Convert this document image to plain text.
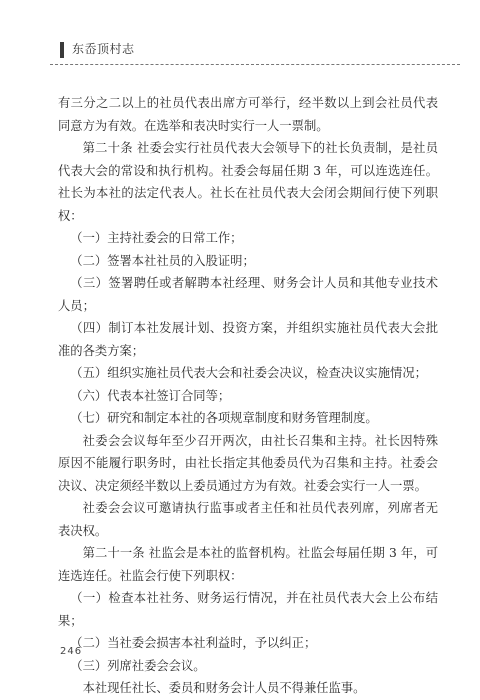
东岙顶村志

有三分之二以上的社员代表出席方可举行，经半数以上到会社员代表同意方为有效。在选举和表决时实行一人一票制。

第二十条 社委会实行社员代表大会领导下的社长负责制，是社员代表大会的常设和执行机构。社委会每届任期 3 年，可以连选连任。社长为本社的法定代表人。社长在社员代表大会闭会期间行使下列职权：

（一）主持社委会的日常工作；

（二）签署本社社员的入股证明；

（三）签署聘任或者解聘本社经理、财务会计人员和其他专业技术人员；

（四）制订本社发展计划、投资方案，并组织实施社员代表大会批准的各类方案；

（五）组织实施社员代表大会和社委会决议，检查决议实施情况；

（六）代表本社签订合同等；

（七）研究和制定本社的各项规章制度和财务管理制度。

社委会会议每年至少召开两次，由社长召集和主持。社长因特殊原因不能履行职务时，由社长指定其他委员代为召集和主持。社委会决议、决定须经半数以上委员通过方为有效。社委会实行一人一票。

社委会会议可邀请执行监事或者主任和社员代表列席，列席者无表决权。

第二十一条 社监会是本社的监督机构。社监会每届任期 3 年，可连选连任。社监会行使下列职权：

（一）检查本社社务、财务运行情况，并在社员代表大会上公布结果；

（二）当社委会损害本社利益时，予以纠正；

（三）列席社委会会议。

本社现任社长、委员和财务会计人员不得兼任监事。

246
